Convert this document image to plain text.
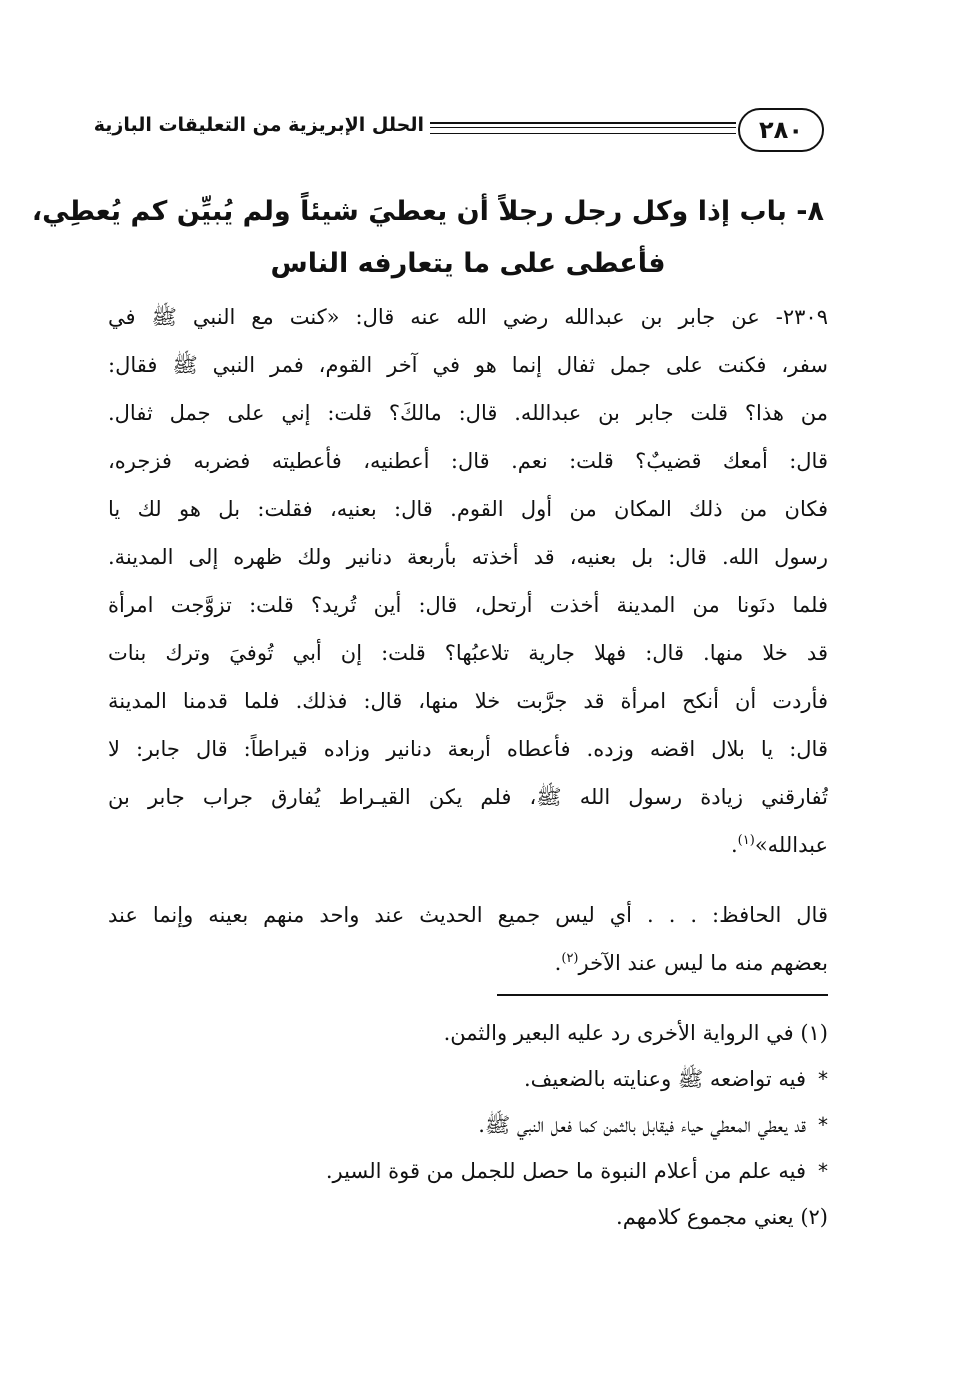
٢٨٠
الحلل الإبريزية من التعليقات البازية
٨- باب إذا وكل رجل رجلاً أن يعطيَ شيئاً ولم يُبيِّن كم يُعطِي،
فأعطى على ما يتعارفه الناس
٢٣٠٩- عن جابر بن عبدالله رضي الله عنه قال: «كنت مع النبي ﷺ في
سفر، فكنت على جمل ثفال إنما هو في آخر القوم، فمر النبي ﷺ فقال:
من هذا؟ قلت جابر بن عبدالله. قال: مالكَ؟ قلت: إني على جمل ثفال.
قال: أمعك قضيبٌ؟ قلت: نعم. قال: أعطنيه، فأعطيته فضربه فزجره،
فكان من ذلك المكان من أول القوم. قال: بعنيه، فقلت: بل هو لك يا
رسول الله. قال: بل بعنيه، قد أخذته بأربعة دنانير ولك ظهره إلى المدينة.
فلما دنَونا من المدينة أخذت أرتحل، قال: أين تُريد؟ قلت: تزوَّجت امرأة
قد خلا منها. قال: فهلا جارية تلاعبُها؟ قلت: إن أبي تُوفيَ وترك بنات
فأردت أن أنكح امرأة قد جرَّبت خلا منها، قال: فذلك. فلما قدمنا المدينة
قال: يا بلال اقضه وزده. فأعطاه أربعة دنانير وزاده قيراطاً: قال جابر: لا
تُفارقني زيادة رسول الله ﷺ، فلم يكن القيـراط يُفارق جراب جابر بن
عبدالله»$^{(١)}$.
قال الحافظ: . . . أي ليس جميع الحديث عند واحد منهم بعينه وإنما عند
بعضهم منه ما ليس عند الآخر$^{(٢)}$.
(١) في الرواية الأخرى رد عليه البعير والثمن.
*فيه تواضعه ﷺ وعنايته بالضعيف.
*قد يعطي المعطي حياء فيقابل بالثمن كما فعل النبي ﷺ.
*فيه علم من أعلام النبوة ما حصل للجمل من قوة السير.
(٢) يعني مجموع كلامهم.
